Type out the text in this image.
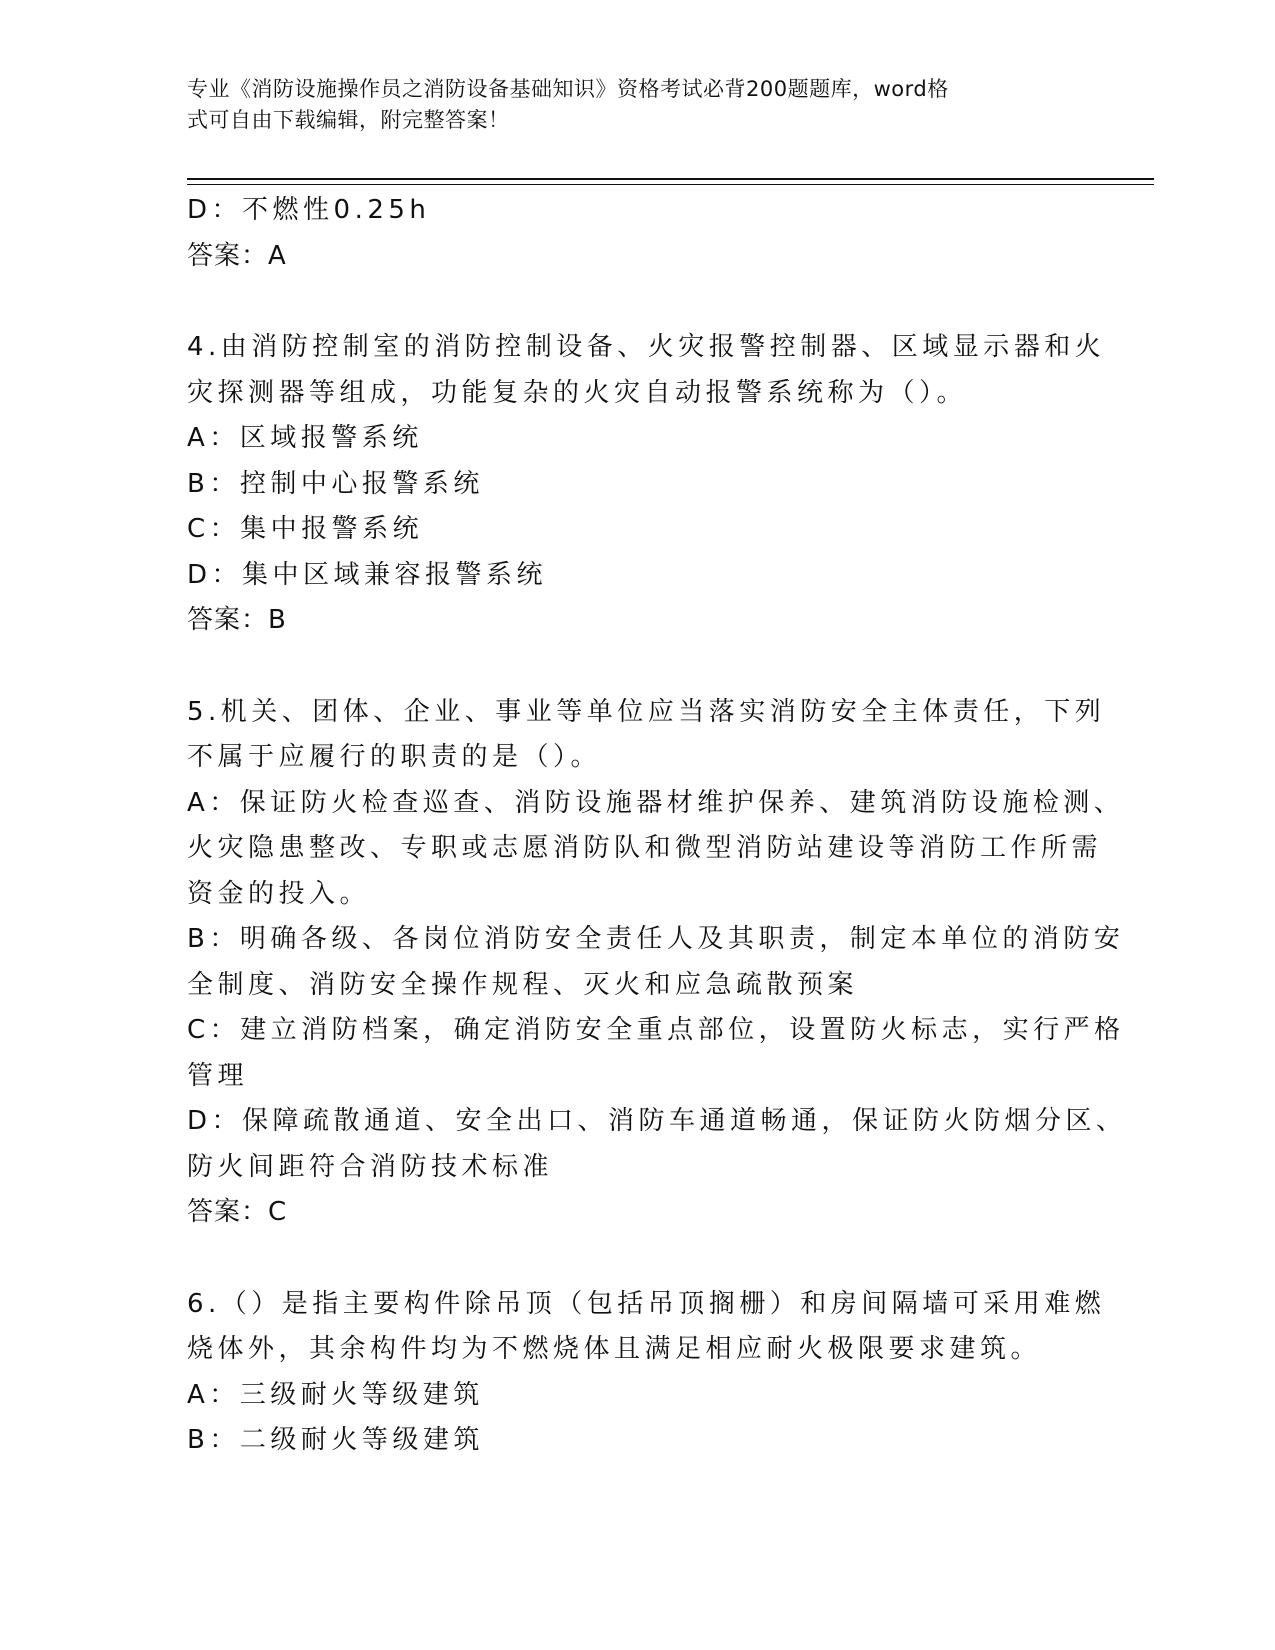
专业《消防设施操作员之消防设备基础知识》资格考试必背200题题库，word格
式可自由下载编辑，附完整答案！

D：不燃性0.25h

答案：A

4.由消防控制室的消防控制设备、火灾报警控制器、区域显示器和火

灾探测器等组成，功能复杂的火灾自动报警系统称为（）。

A：区域报警系统

B：控制中心报警系统

C：集中报警系统

D：集中区域兼容报警系统

答案：B

5.机关、团体、企业、事业等单位应当落实消防安全主体责任，下列

不属于应履行的职责的是（）。

A：保证防火检查巡查、消防设施器材维护保养、建筑消防设施检测、

火灾隐患整改、专职或志愿消防队和微型消防站建设等消防工作所需

资金的投入。

B：明确各级、各岗位消防安全责任人及其职责，制定本单位的消防安

全制度、消防安全操作规程、灭火和应急疏散预案

C：建立消防档案，确定消防安全重点部位，设置防火标志，实行严格

管理

D：保障疏散通道、安全出口、消防车通道畅通，保证防火防烟分区、

防火间距符合消防技术标准

答案：C

6.（）是指主要构件除吊顶（包括吊顶搁栅）和房间隔墙可采用难燃

烧体外，其余构件均为不燃烧体且满足相应耐火极限要求建筑。

A：三级耐火等级建筑

B：二级耐火等级建筑
